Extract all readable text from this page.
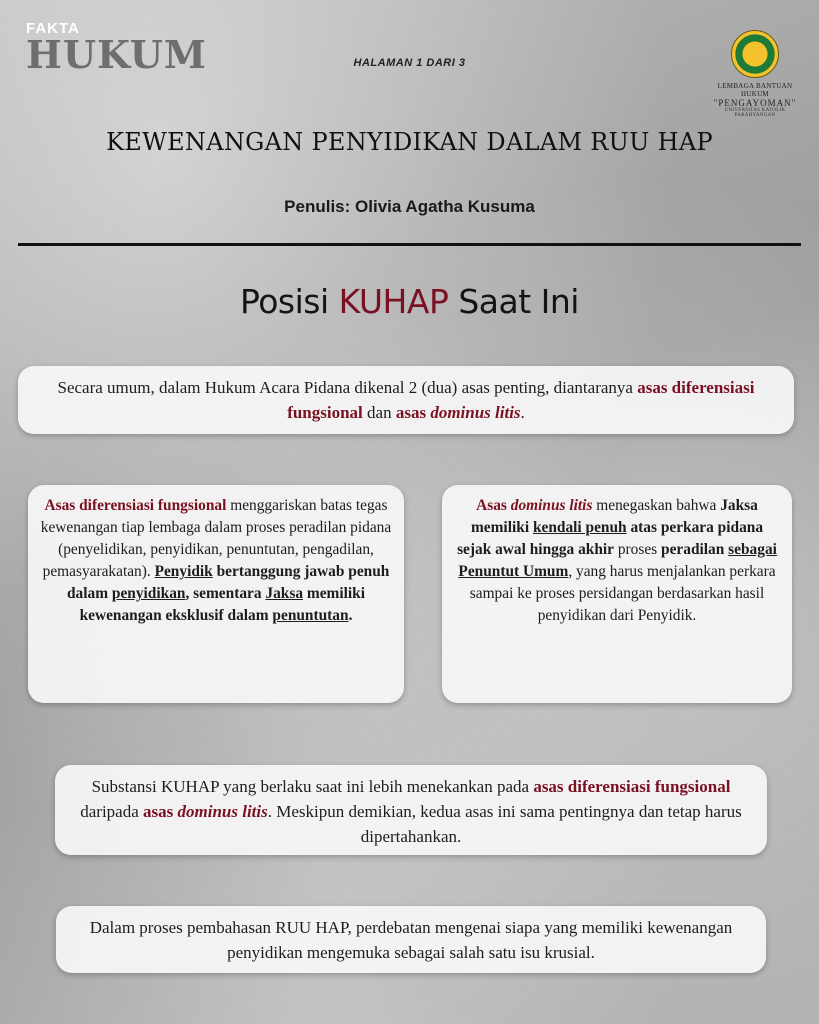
FAKTA
HUKUM	HALAMAN 1 DARI 3
LEMBAGA BANTUAN HUKUM
"PENGAYOMAN"
UNIVERSITAS KATOLIK PARAHYANGAN
KEWENANGAN PENYIDIKAN DALAM RUU HAP
Penulis: Olivia Agatha Kusuma
Posisi KUHAP Saat Ini
Secara umum, dalam Hukum Acara Pidana dikenal 2 (dua) asas penting, diantaranya asas diferensiasi fungsional dan asas dominus litis.
Asas diferensiasi fungsional menggariskan batas tegas kewenangan tiap lembaga dalam proses peradilan pidana (penyelidikan, penyidikan, penuntutan, pengadilan, pemasyarakatan). Penyidik bertanggung jawab penuh dalam penyidikan, sementara Jaksa memiliki kewenangan eksklusif dalam penuntutan.
Asas dominus litis menegaskan bahwa Jaksa memiliki kendali penuh atas perkara pidana sejak awal hingga akhir proses peradilan sebagai Penuntut Umum, yang harus menjalankan perkara sampai ke proses persidangan berdasarkan hasil penyidikan dari Penyidik.
Substansi KUHAP yang berlaku saat ini lebih menekankan pada asas diferensiasi fungsional daripada asas dominus litis. Meskipun demikian, kedua asas ini sama pentingnya dan tetap harus dipertahankan.
Dalam proses pembahasan RUU HAP, perdebatan mengenai siapa yang memiliki kewenangan penyidikan mengemuka sebagai salah satu isu krusial.
